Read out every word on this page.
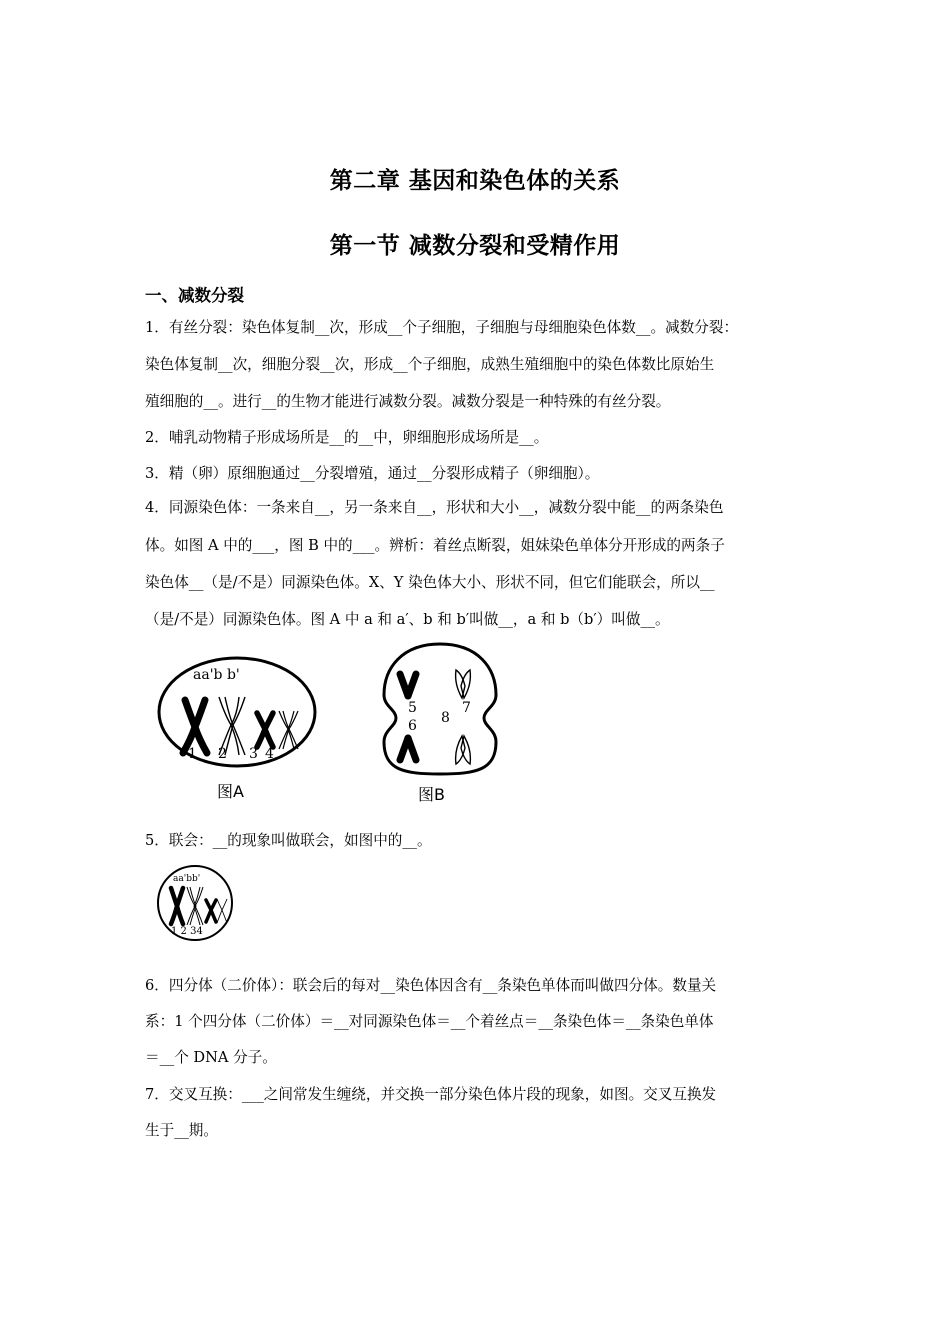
第二章 基因和染色体的关系
第一节 减数分裂和受精作用
一、减数分裂
1．有丝分裂：染色体复制__次，形成__个子细胞，子细胞与母细胞染色体数__。减数分裂：
染色体复制__次，细胞分裂__次，形成__个子细胞，成熟生殖细胞中的染色体数比原始生
殖细胞的__。进行__的生物才能进行减数分裂。减数分裂是一种特殊的有丝分裂。
2．哺乳动物精子形成场所是__的__中，卵细胞形成场所是__。
3．精（卵）原细胞通过__分裂增殖，通过__分裂形成精子（卵细胞）。
4．同源染色体：一条来自__，另一条来自__，形状和大小__，减数分裂中能__的两条染色
体。如图 A 中的___，图 B 中的___。辨析：着丝点断裂，姐妹染色单体分开形成的两条子
染色体__（是/不是）同源染色体。X、Y 染色体大小、形状不同，但它们能联会，所以__
（是/不是）同源染色体。图 A 中 a 和 a′、b 和 b′叫做__，a 和 b（b′）叫做__。
aa'b b'
1 2 3 4
图A
5
6
7
8
图B
5．联会：__的现象叫做联会，如图中的__。
aa'bb'
1 2 34
6．四分体（二价体）：联会后的每对__染色体因含有__条染色单体而叫做四分体。数量关
系：1 个四分体（二价体）＝__对同源染色体＝__个着丝点＝__条染色体＝__条染色单体
＝__个 DNA 分子。
7．交叉互换：___之间常发生缠绕，并交换一部分染色体片段的现象，如图。交叉互换发
生于__期。
